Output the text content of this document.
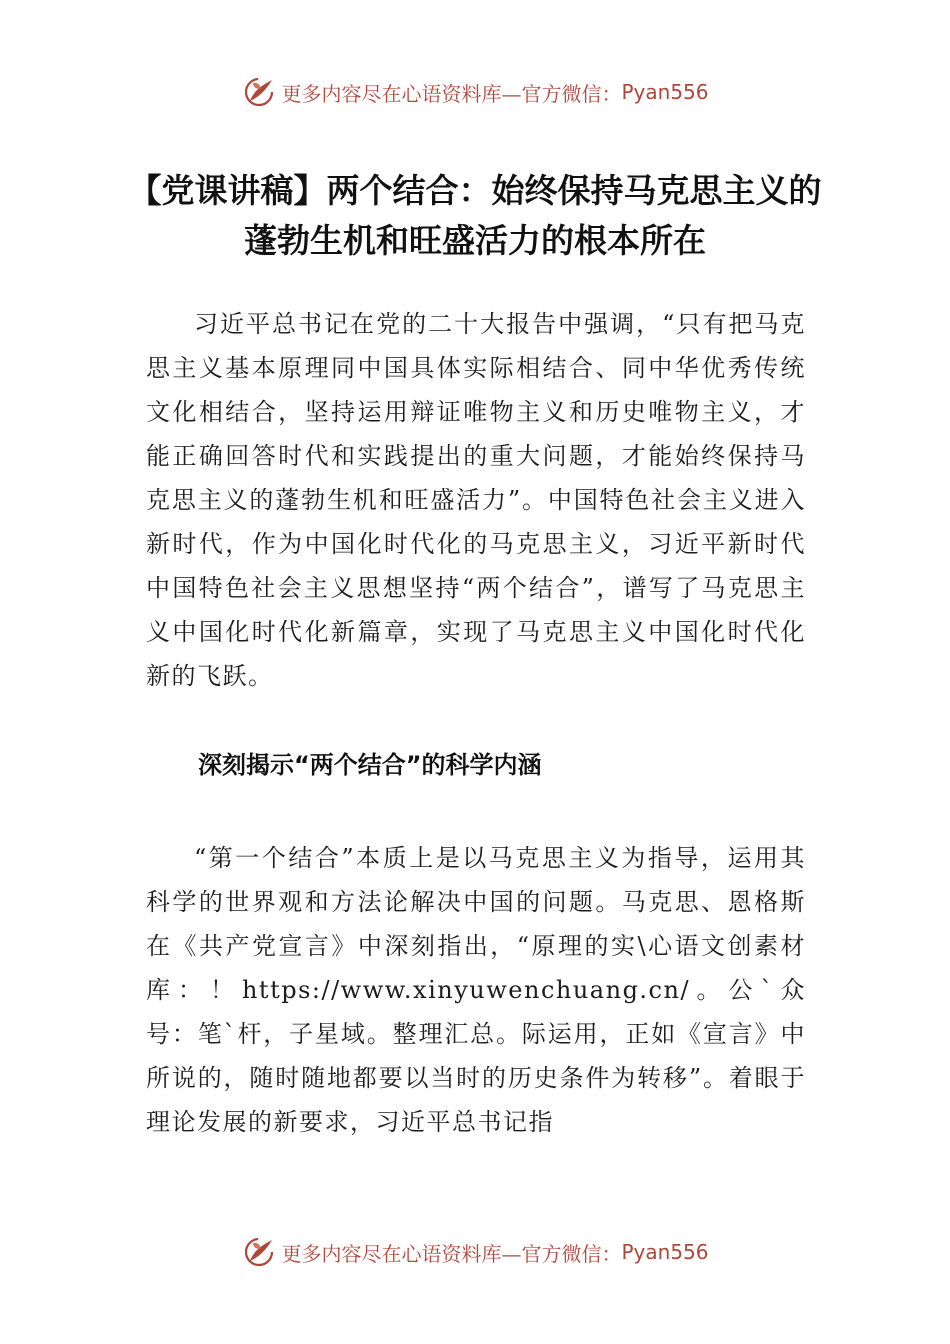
更多内容尽在心语资料库—官方微信： Pyan556
【党课讲稿】两个结合：始终保持马克思主义的蓬勃生机和旺盛活力的根本所在

习近平总书记在党的二十大报告中强调，“只有把马克思主义基本原理同中国具体实际相结合、同中华优秀传统文化相结合，坚持运用辩证唯物主义和历史唯物主义，才能正确回答时代和实践提出的重大问题，才能始终保持马克思主义的蓬勃生机和旺盛活力”。中国特色社会主义进入新时代，作为中国化时代化的马克思主义，习近平新时代中国特色社会主义思想坚持“两个结合”，谱写了马克思主义中国化时代化新篇章，实现了马克思主义中国化时代化新的飞跃。

深刻揭示“两个结合”的科学内涵

“第一个结合”本质上是以马克思主义为指导，运用其科学的世界观和方法论解决中国的问题。马克思、恩格斯在《共产党宣言》中深刻指出，“原理的实\心语文创素材库：！https://www.xinyuwenchuang.cn/。公`众号：笔`杆，子星域。整理汇总。际运用，正如《宣言》中所说的，随时随地都要以当时的历史条件为转移”。着眼于理论发展的新要求，习近平总书记指

更多内容尽在心语资料库—官方微信： Pyan556
